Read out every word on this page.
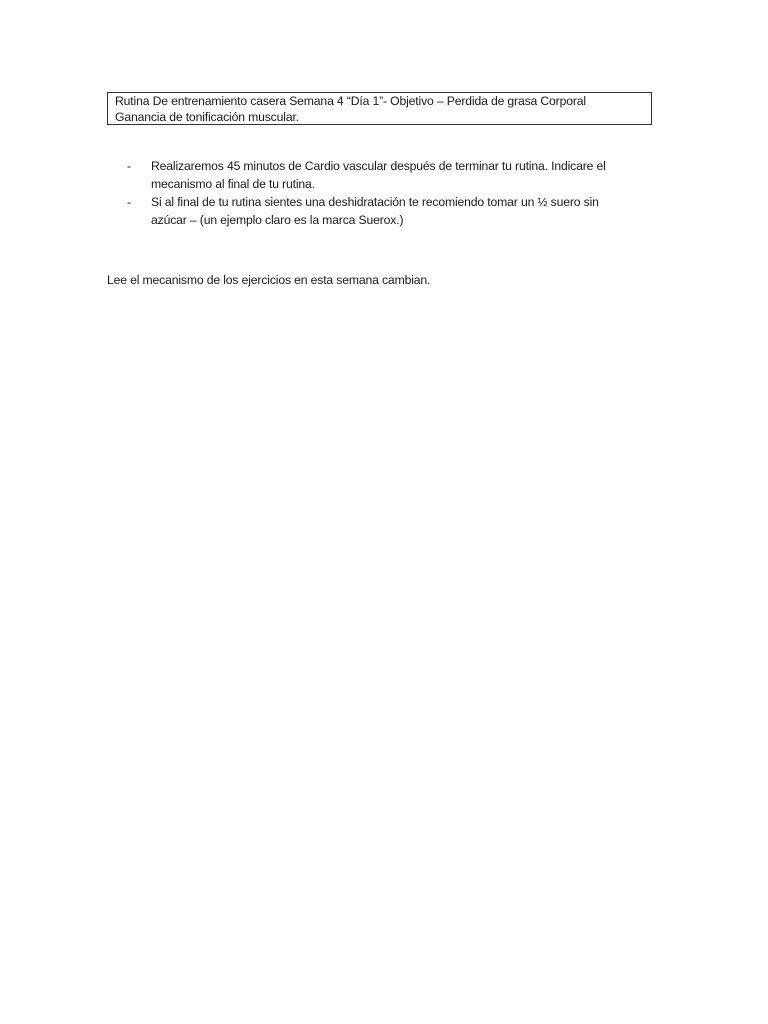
Rutina De entrenamiento casera Semana 4 “Día 1”- Objetivo – Perdida de grasa Corporal
Ganancia de tonificación muscular.
- Realizaremos 45 minutos de Cardio vascular después de terminar tu rutina. Indicare el
mecanismo al final de tu rutina.
- Si al final de tu rutina sientes una deshidratación te recomiendo tomar un ½ suero sin
azúcar – (un ejemplo claro es la marca Suerox.)
Lee el mecanismo de los ejercicios en esta semana cambian.
